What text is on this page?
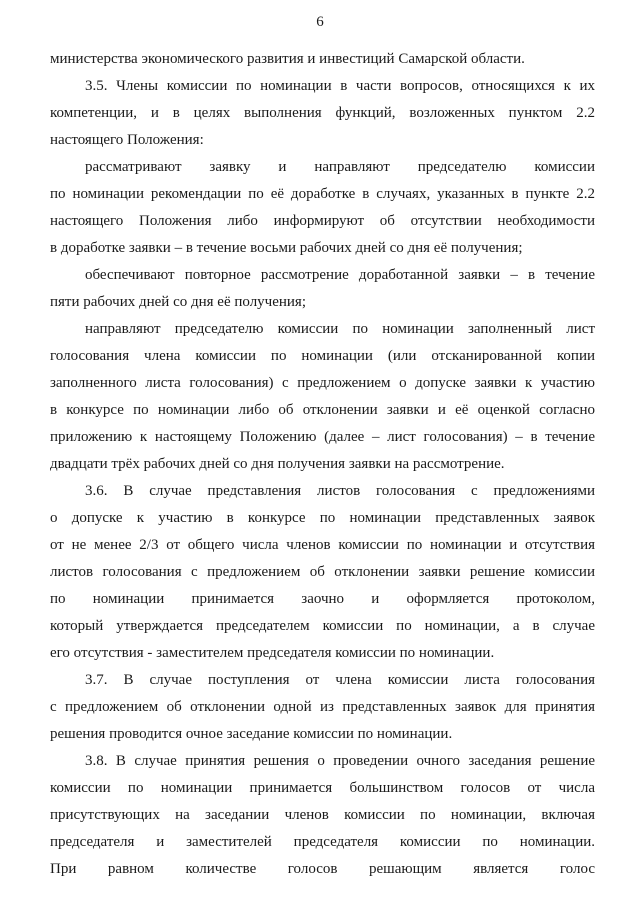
6
министерства экономического развития и инвестиций Самарской области.
3.5. Члены комиссии по номинации в части вопросов, относящихся к их
компетенции, и в целях выполнения функций, возложенных пунктом 2.2
настоящего Положения:
рассматривают заявку и направляют председателю комиссии
по номинации рекомендации по её доработке в случаях, указанных в пункте 2.2
настоящего Положения либо информируют об отсутствии необходимости
в доработке заявки – в течение восьми рабочих дней со дня её получения;
обеспечивают повторное рассмотрение доработанной заявки – в течение
пяти рабочих дней со дня её получения;
направляют председателю комиссии по номинации заполненный лист
голосования члена комиссии по номинации (или отсканированной копии
заполненного листа голосования) с предложением о допуске заявки к участию
в конкурсе по номинации либо об отклонении заявки и её оценкой согласно
приложению к настоящему Положению (далее – лист голосования) – в течение
двадцати трёх рабочих дней со дня получения заявки на рассмотрение.
3.6. В случае представления листов голосования с предложениями
о допуске к участию в конкурсе по номинации представленных заявок
от не менее 2/3 от общего числа членов комиссии по номинации и отсутствия
листов голосования с предложением об отклонении заявки решение комиссии
по номинации принимается заочно и оформляется протоколом,
который утверждается председателем комиссии по номинации, а в случае
его отсутствия - заместителем председателя комиссии по номинации.
3.7. В случае поступления от члена комиссии листа голосования
с предложением об отклонении одной из представленных заявок для принятия
решения проводится очное заседание комиссии по номинации.
3.8. В случае принятия решения о проведении очного заседания решение
комиссии по номинации принимается большинством голосов от числа
присутствующих на заседании членов комиссии по номинации, включая
председателя и заместителей председателя комиссии по номинации.
При равном количестве голосов решающим является голос
